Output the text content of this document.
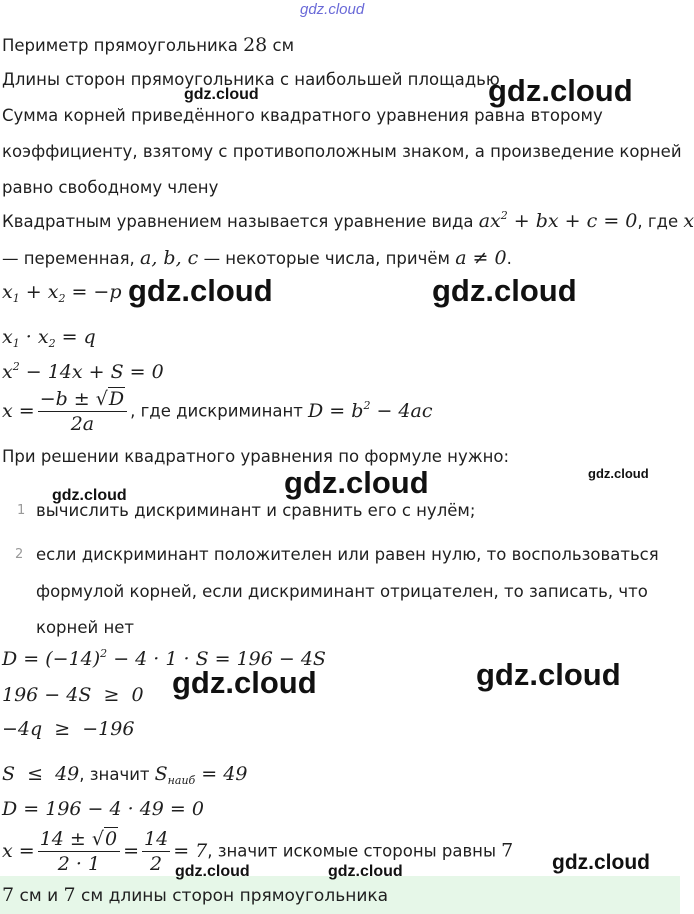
gdz.cloud
Периметр прямоугольника 28 см
Длины сторон прямоугольника с наибольшей площадью
Сумма корней приведённого квадратного уравнения равна второму
коэффициенту, взятому с противоположным знаком, а произведение корней
равно свободному члену
Квадратным уравнением называется уравнение вида $ax^2$ + bx + c = 0, где x
— переменная, a, b, c — некоторые числа, причём a ≠ 0.
$x_1 + x_2 = -p$
$x_1 \cdot x_2 = q$
$x^2 - 14x + S = 0$
$x = \frac{-b \pm √D}{2a}$ , где дискриминант $D = b^2 - 4ac$
При решении квадратного уравнения по формуле нужно:
1 вычислить дискриминант и сравнить его с нулём;
2 если дискриминант положителен или равен нулю, то воспользоваться
формулой корней, если дискриминант отрицателен, то записать, что
корней нет
$D = (-14)^2 - 4 \cdot 1 \cdot S = 196 - 4S$
196 − 4S  ≥  0
−4q  ≥  −196
S  ≤  49, значит $S_{наиб} = 49$
D = 196 − 4 · 49 = 0
$x = \frac{14 \pm √0}{2 \cdot 1} = \frac{14}{2} = 7$, значит искомые стороны равны 7
7 см и 7 см длины сторон прямоугольника
gdz.cloud	gdz.cloud
gdz.cloud	gdz.cloud
gdz.cloud
gdz.cloud
gdz.cloud
gdz.cloud	gdz.cloud
gdz.cloud	gdz.cloud	gdz.cloud
